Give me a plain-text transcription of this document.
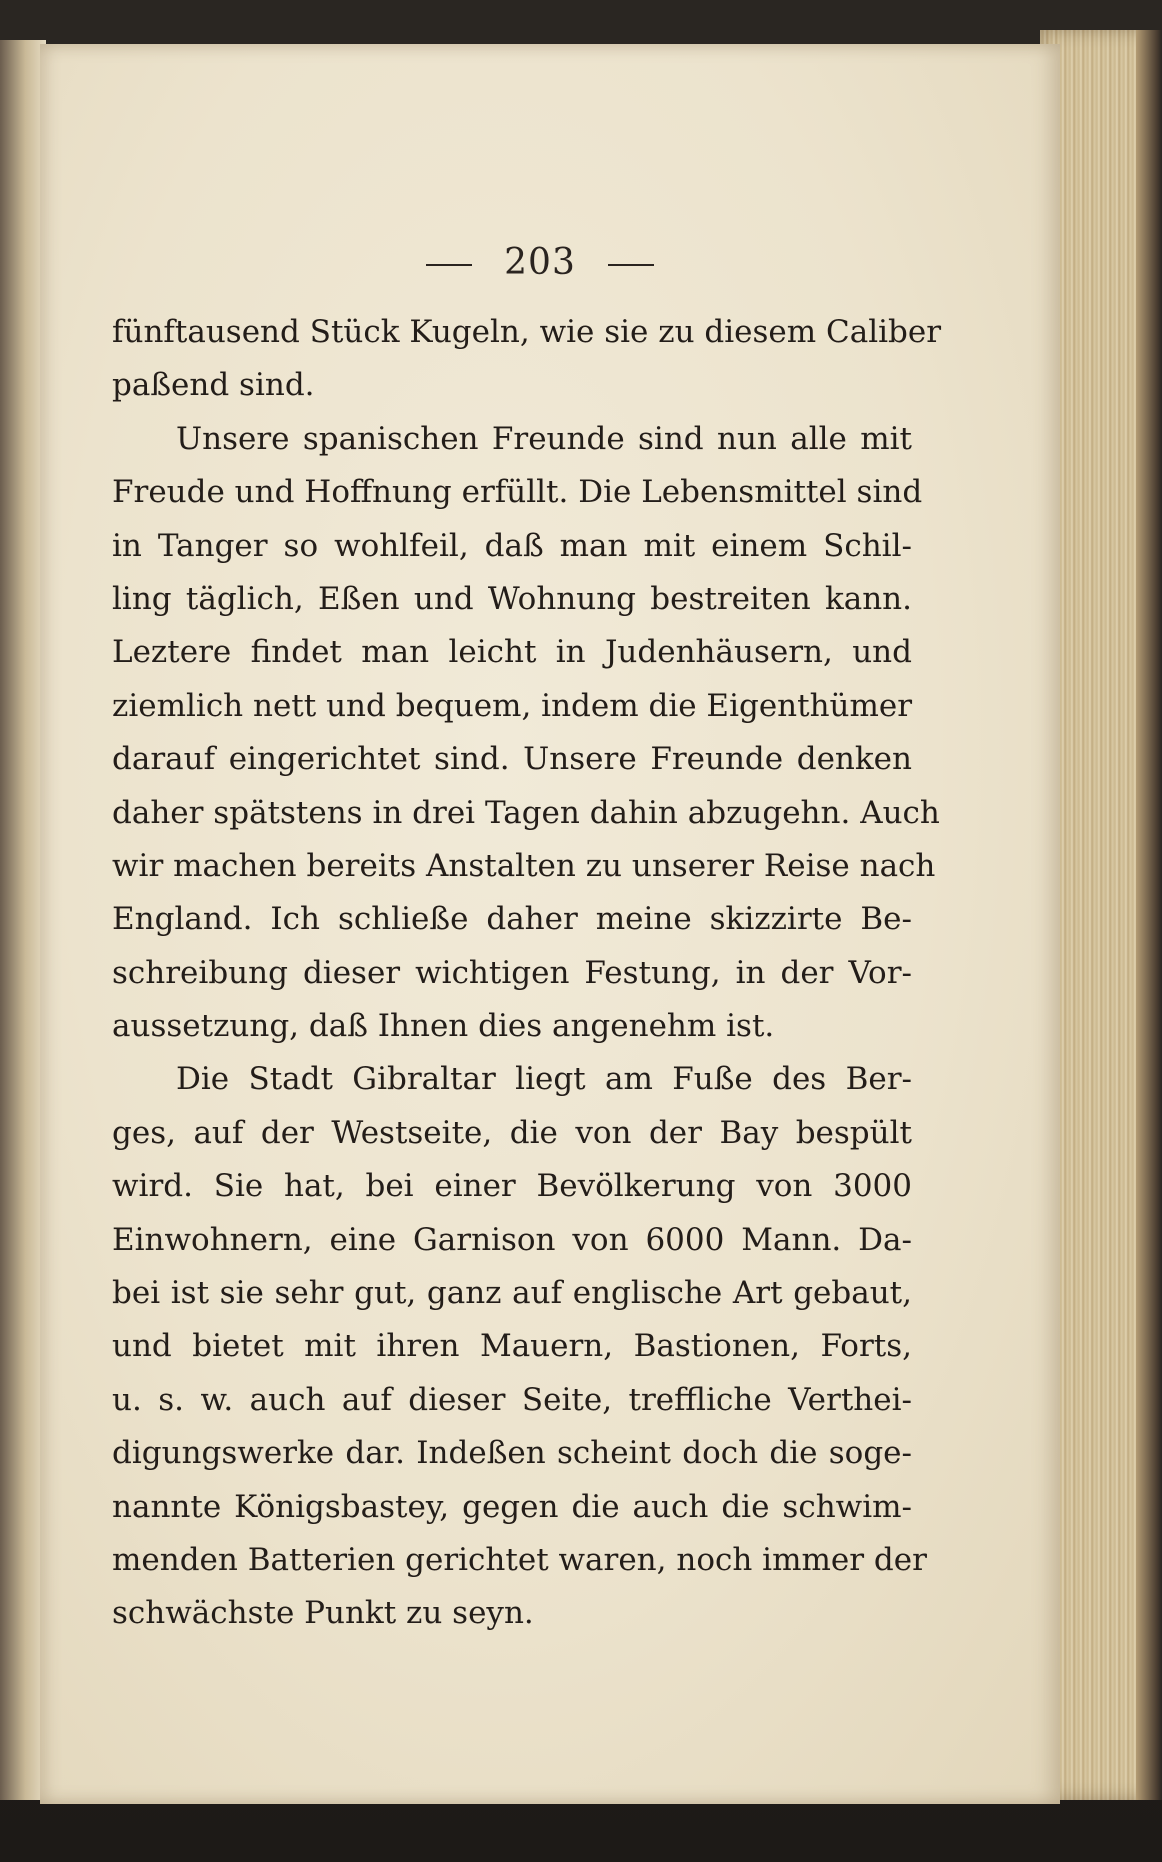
203
fünftausend Stück Kugeln, wie sie zu diesem Caliber
paßend sind.
Unsere spanischen Freunde sind nun alle mit
Freude und Hoffnung erfüllt. Die Lebensmittel sind
in Tanger so wohlfeil, daß man mit einem Schil-
ling täglich, Eßen und Wohnung bestreiten kann.
Leztere findet man leicht in Judenhäusern, und
ziemlich nett und bequem, indem die Eigenthümer
darauf eingerichtet sind. Unsere Freunde denken
daher spätstens in drei Tagen dahin abzugehn. Auch
wir machen bereits Anstalten zu unserer Reise nach
England. Ich schließe daher meine skizzirte Be-
schreibung dieser wichtigen Festung, in der Vor-
aussetzung, daß Ihnen dies angenehm ist.
Die Stadt Gibraltar liegt am Fuße des Ber-
ges, auf der Westseite, die von der Bay bespült
wird. Sie hat, bei einer Bevölkerung von 3000
Einwohnern, eine Garnison von 6000 Mann. Da-
bei ist sie sehr gut, ganz auf englische Art gebaut,
und bietet mit ihren Mauern, Bastionen, Forts,
u. s. w. auch auf dieser Seite, treffliche Verthei-
digungswerke dar. Indeßen scheint doch die soge-
nannte Königsbastey, gegen die auch die schwim-
menden Batterien gerichtet waren, noch immer der
schwächste Punkt zu seyn.
